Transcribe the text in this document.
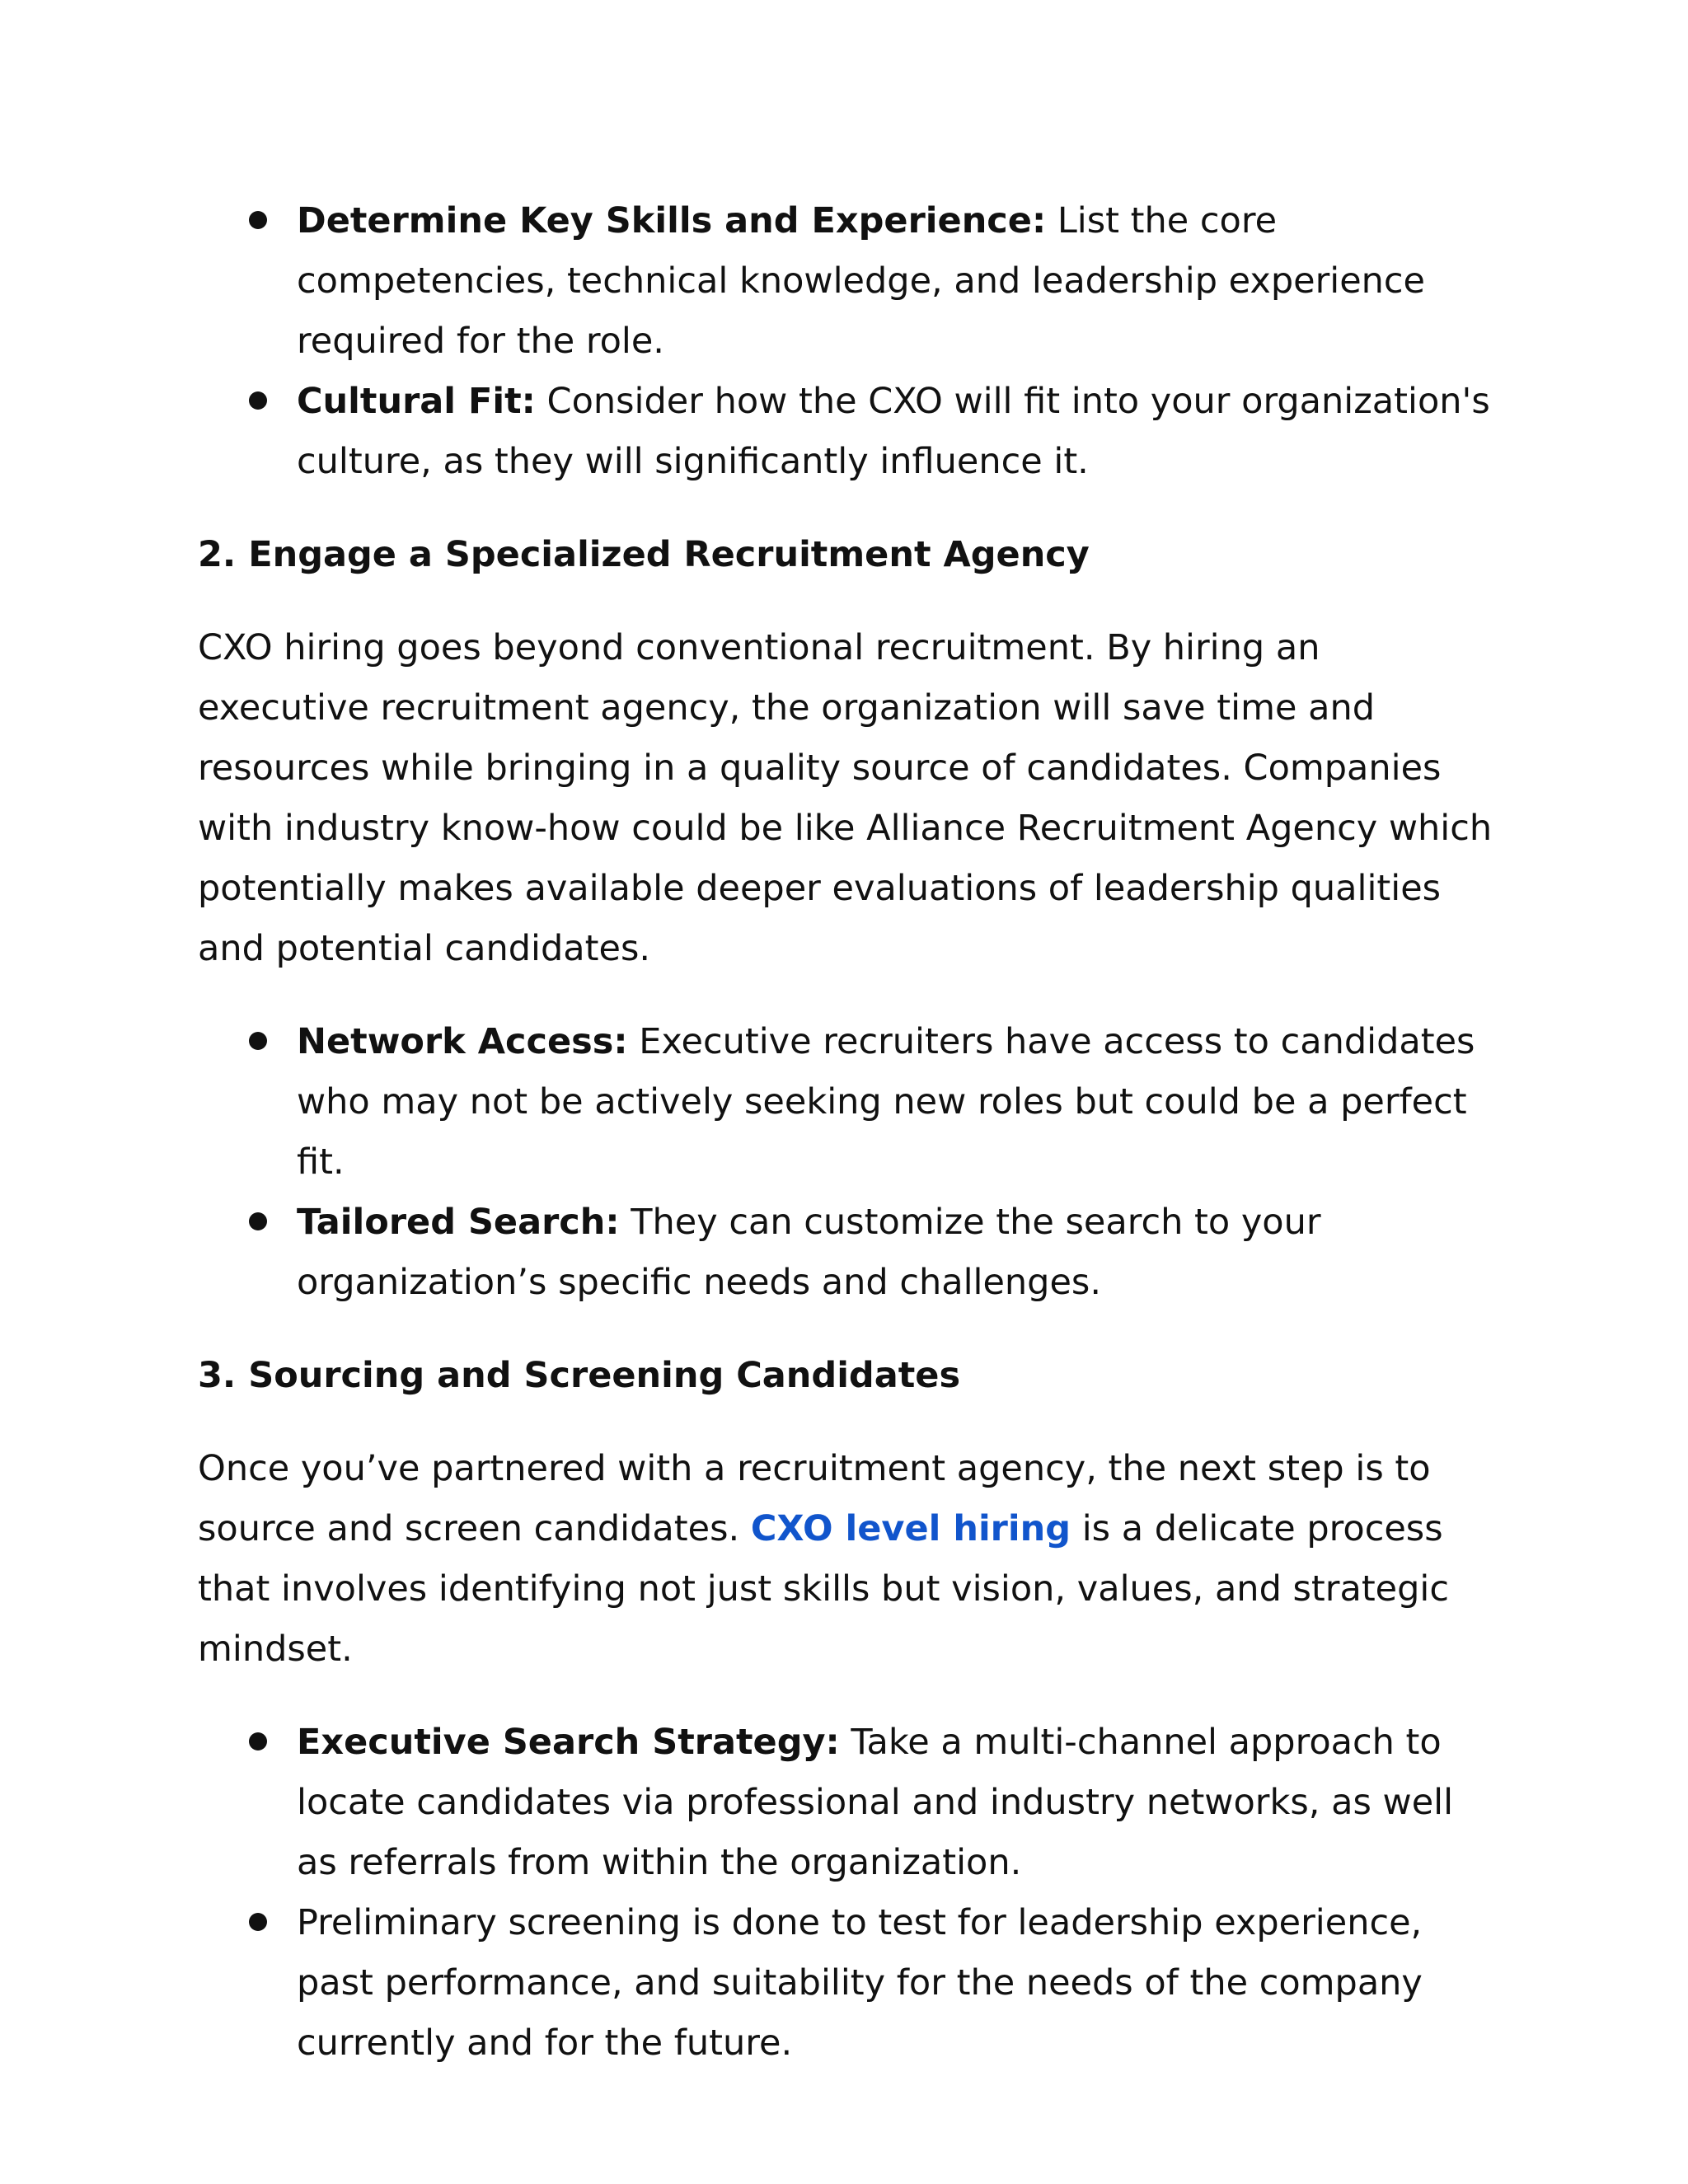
Determine Key Skills and Experience: List the core competencies, technical knowledge, and leadership experience required for the role.
Cultural Fit: Consider how the CXO will fit into your organization's culture, as they will significantly influence it.
2. Engage a Specialized Recruitment Agency

CXO hiring goes beyond conventional recruitment. By hiring an executive recruitment agency, the organization will save time and resources while bringing in a quality source of candidates. Companies with industry know-how could be like Alliance Recruitment Agency which potentially makes available deeper evaluations of leadership qualities and potential candidates.

Network Access: Executive recruiters have access to candidates who may not be actively seeking new roles but could be a perfect fit.
Tailored Search: They can customize the search to your organization’s specific needs and challenges.
3. Sourcing and Screening Candidates

Once you’ve partnered with a recruitment agency, the next step is to source and screen candidates. CXO level hiring is a delicate process that involves identifying not just skills but vision, values, and strategic mindset.

Executive Search Strategy: Take a multi-channel approach to locate candidates via professional and industry networks, as well as referrals from within the organization.
Preliminary screening is done to test for leadership experience, past performance, and suitability for the needs of the company currently and for the future.
